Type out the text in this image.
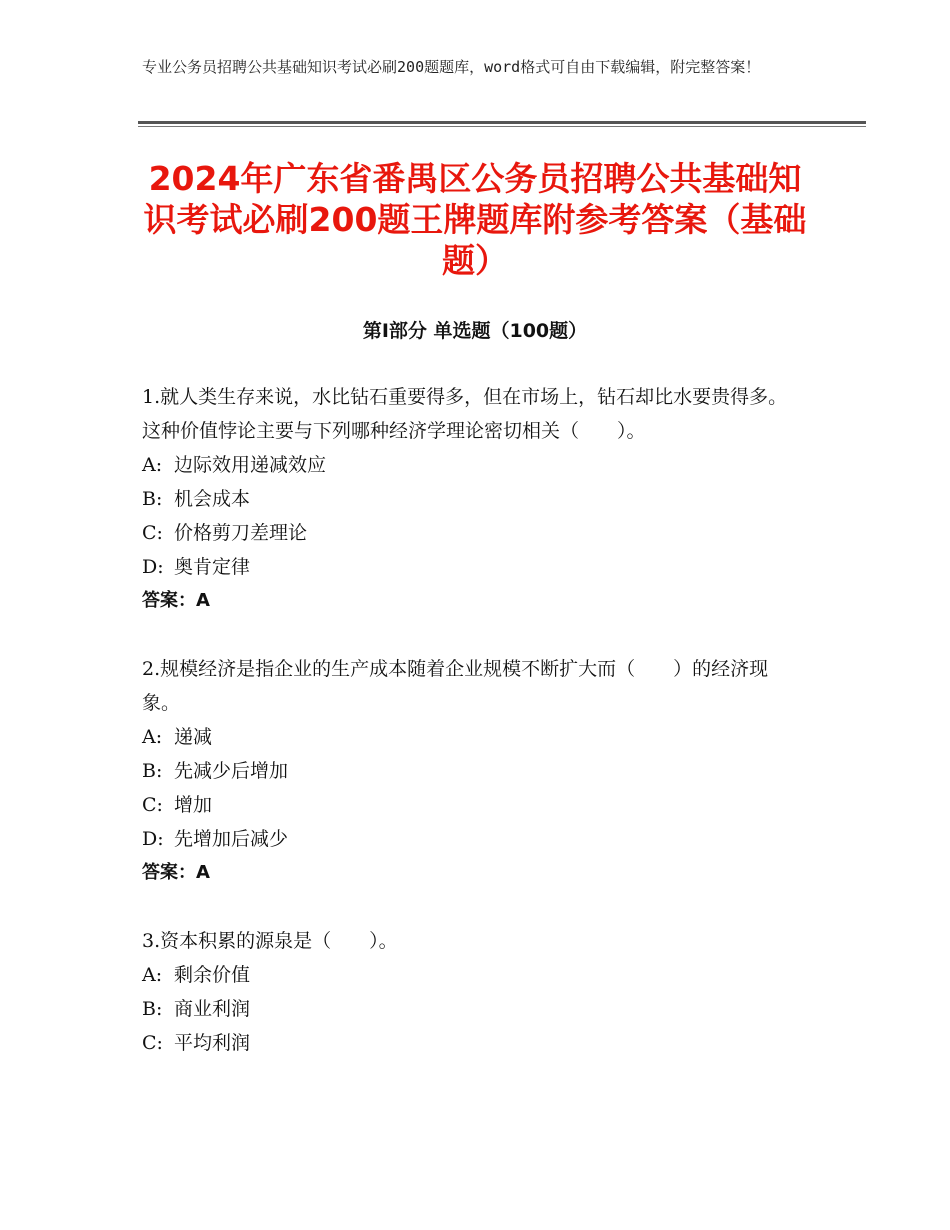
专业公务员招聘公共基础知识考试必刷200题题库，word格式可自由下载编辑，附完整答案！
2024年广东省番禺区公务员招聘公共基础知识考试必刷200题王牌题库附参考答案（基础题）
第Ⅰ部分 单选题（100题）
1.就人类生存来说，水比钻石重要得多，但在市场上，钻石却比水要贵得多。这种价值悖论主要与下列哪种经济学理论密切相关（　　）。
A: 边际效用递减效应
B: 机会成本
C: 价格剪刀差理论
D: 奥肯定律
答案：A
2.规模经济是指企业的生产成本随着企业规模不断扩大而（　　）的经济现象。
A: 递减
B: 先减少后增加
C: 增加
D: 先增加后减少
答案：A
3.资本积累的源泉是（　　）。
A: 剩余价值
B: 商业利润
C: 平均利润
